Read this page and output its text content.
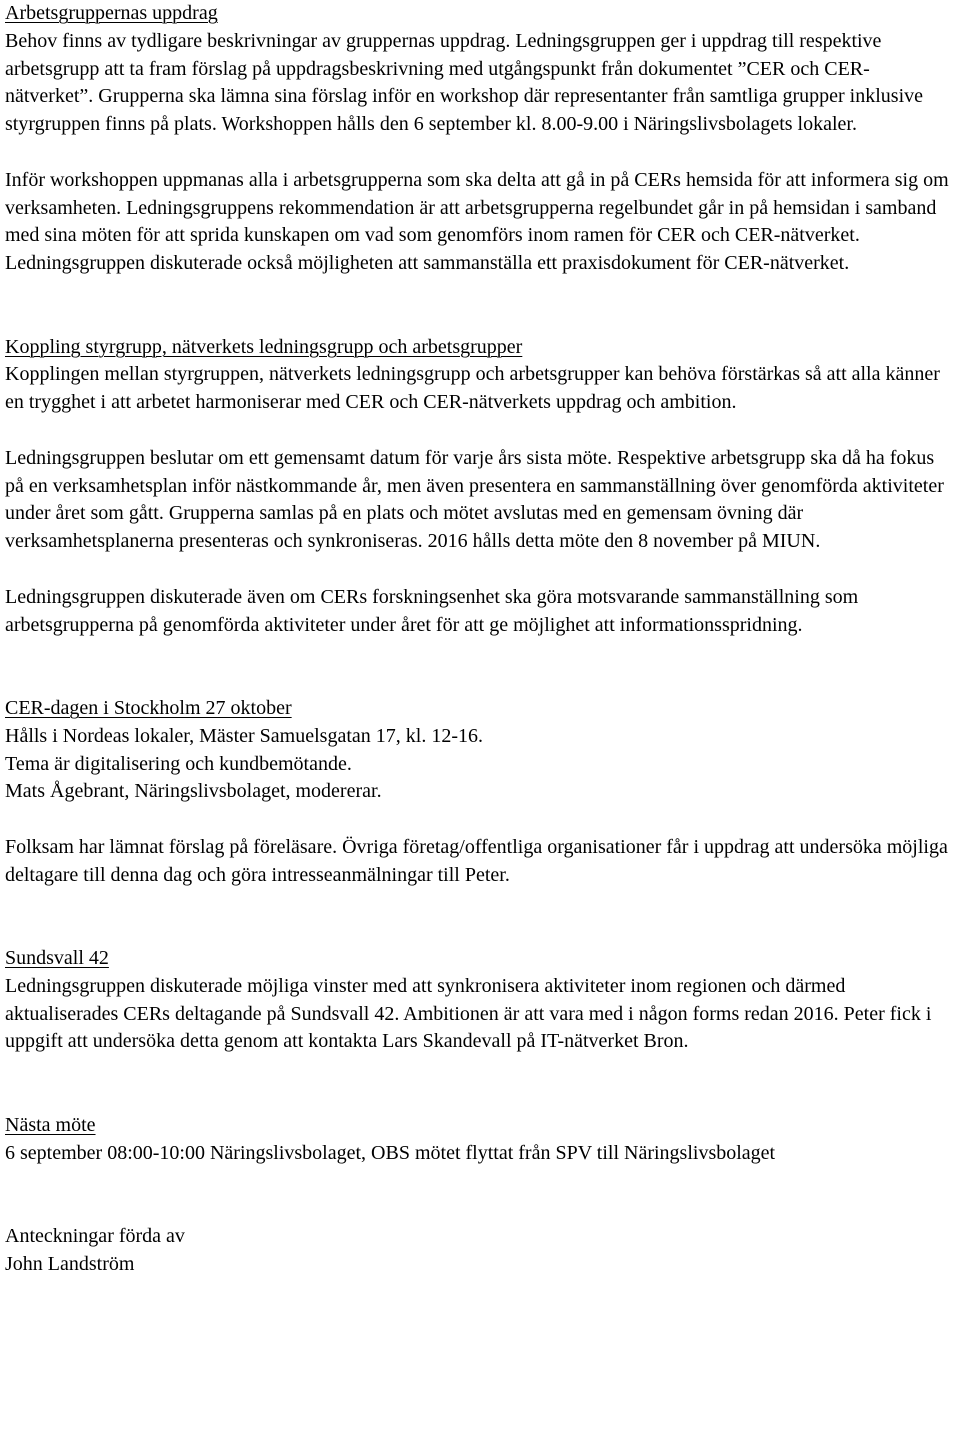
Arbetsgruppernas uppdrag

Behov finns av tydligare beskrivningar av gruppernas uppdrag. Ledningsgruppen ger i uppdrag till respektive arbetsgrupp att ta fram förslag på uppdragsbeskrivning med utgångspunkt från dokumentet ”CER och CER-nätverket”. Grupperna ska lämna sina förslag inför en workshop där representanter från samtliga grupper inklusive styrgruppen finns på plats. Workshoppen hålls den 6 september kl. 8.00-9.00 i Näringslivsbolagets lokaler.

Inför workshoppen uppmanas alla i arbetsgrupperna som ska delta att gå in på CERs hemsida för att informera sig om verksamheten. Ledningsgruppens rekommendation är att arbetsgrupperna regelbundet går in på hemsidan i samband med sina möten för att sprida kunskapen om vad som genomförs inom ramen för CER och CER-nätverket. Ledningsgruppen diskuterade också möjligheten att sammanställa ett praxisdokument för CER-nätverket.

Koppling styrgrupp, nätverkets ledningsgrupp och arbetsgrupper

Kopplingen mellan styrgruppen, nätverkets ledningsgrupp och arbetsgrupper kan behöva förstärkas så att alla känner en trygghet i att arbetet harmoniserar med CER och CER-nätverkets uppdrag och ambition.

Ledningsgruppen beslutar om ett gemensamt datum för varje års sista möte. Respektive arbetsgrupp ska då ha fokus på en verksamhetsplan inför nästkommande år, men även presentera en sammanställning över genomförda aktiviteter under året som gått. Grupperna samlas på en plats och mötet avslutas med en gemensam övning där verksamhetsplanerna presenteras och synkroniseras. 2016 hålls detta möte den 8 november på MIUN.

Ledningsgruppen diskuterade även om CERs forskningsenhet ska göra motsvarande sammanställning som arbetsgrupperna på genomförda aktiviteter under året för att ge möjlighet att informationsspridning.

CER-dagen i Stockholm 27 oktober
Hålls i Nordeas lokaler, Mäster Samuelsgatan 17, kl. 12-16.
Tema är digitalisering och kundbemötande.
Mats Ågebrant, Näringslivsbolaget, modererar.

Folksam har lämnat förslag på föreläsare. Övriga företag/offentliga organisationer får i uppdrag att undersöka möjliga deltagare till denna dag och göra intresseanmälningar till Peter.

Sundsvall 42

Ledningsgruppen diskuterade möjliga vinster med att synkronisera aktiviteter inom regionen och därmed aktualiserades CERs deltagande på Sundsvall 42. Ambitionen är att vara med i någon forms redan 2016. Peter fick i uppgift att undersöka detta genom att kontakta Lars Skandevall på IT-nätverket Bron.

Nästa möte
6 september 08:00-10:00 Näringslivsbolaget, OBS mötet flyttat från SPV till Näringslivsbolaget
Anteckningar förda av
John Landström
